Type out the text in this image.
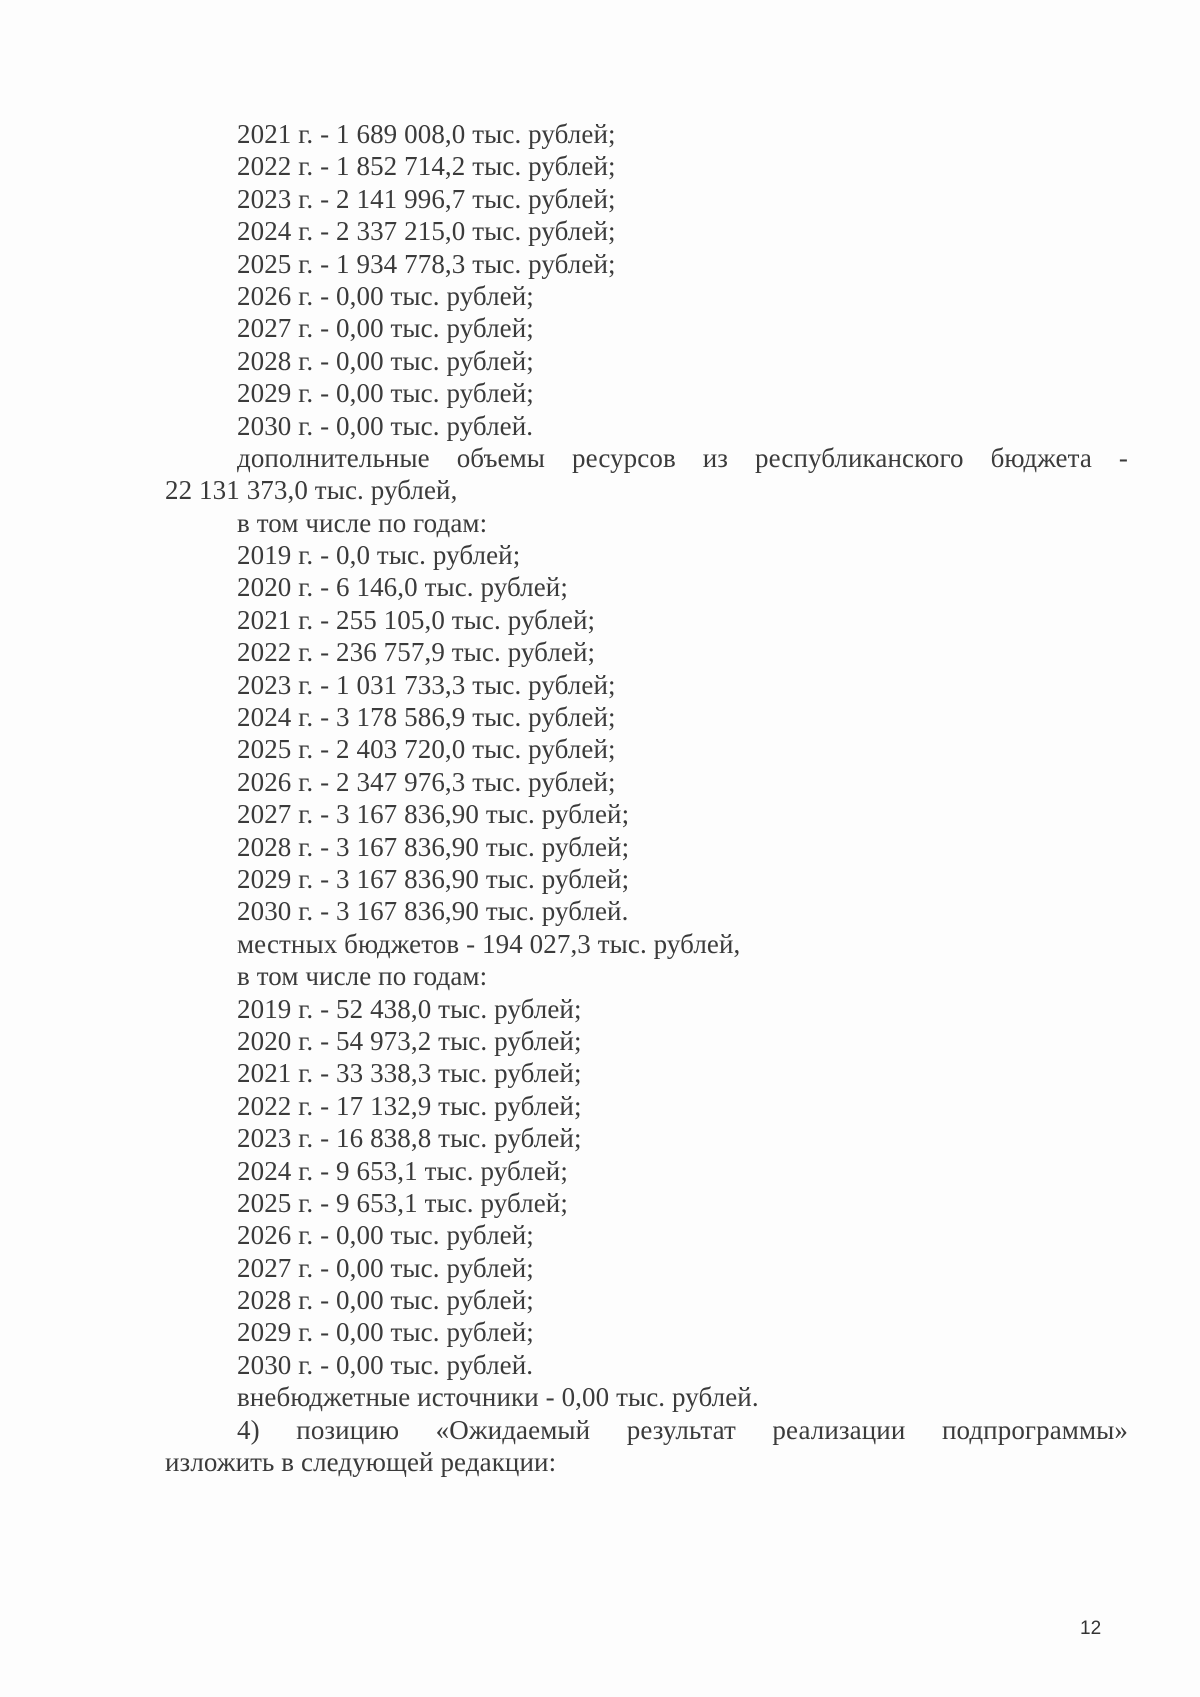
2021 г. - 1 689 008,0 тыс. рублей;
2022 г. - 1 852 714,2 тыс. рублей;
2023 г. - 2 141 996,7 тыс. рублей;
2024 г. - 2 337 215,0 тыс. рублей;
2025 г. - 1 934 778,3 тыс. рублей;
2026 г. - 0,00 тыс. рублей;
2027 г. - 0,00 тыс. рублей;
2028 г. - 0,00 тыс. рублей;
2029 г. - 0,00 тыс. рублей;
2030 г. - 0,00 тыс. рублей.
дополнительные объемы ресурсов из республиканского бюджета -
22 131 373,0 тыс. рублей,
в том числе по годам:
2019 г. - 0,0 тыс. рублей;
2020 г. - 6 146,0 тыс. рублей;
2021 г. - 255 105,0 тыс. рублей;
2022 г. - 236 757,9 тыс. рублей;
2023 г. - 1 031 733,3 тыс. рублей;
2024 г. - 3 178 586,9 тыс. рублей;
2025 г. - 2 403 720,0 тыс. рублей;
2026 г. - 2 347 976,3 тыс. рублей;
2027 г. - 3 167 836,90 тыс. рублей;
2028 г. - 3 167 836,90 тыс. рублей;
2029 г. - 3 167 836,90 тыс. рублей;
2030 г. - 3 167 836,90 тыс. рублей.
местных бюджетов - 194 027,3 тыс. рублей,
в том числе по годам:
2019 г. - 52 438,0 тыс. рублей;
2020 г. - 54 973,2 тыс. рублей;
2021 г. - 33 338,3 тыс. рублей;
2022 г. - 17 132,9 тыс. рублей;
2023 г. - 16 838,8 тыс. рублей;
2024 г. - 9 653,1 тыс. рублей;
2025 г. - 9 653,1 тыс. рублей;
2026 г. - 0,00 тыс. рублей;
2027 г. - 0,00 тыс. рублей;
2028 г. - 0,00 тыс. рублей;
2029 г. - 0,00 тыс. рублей;
2030 г. - 0,00 тыс. рублей.
внебюджетные источники - 0,00 тыс. рублей.
4) позицию «Ожидаемый результат реализации подпрограммы»
изложить в следующей редакции:
12
